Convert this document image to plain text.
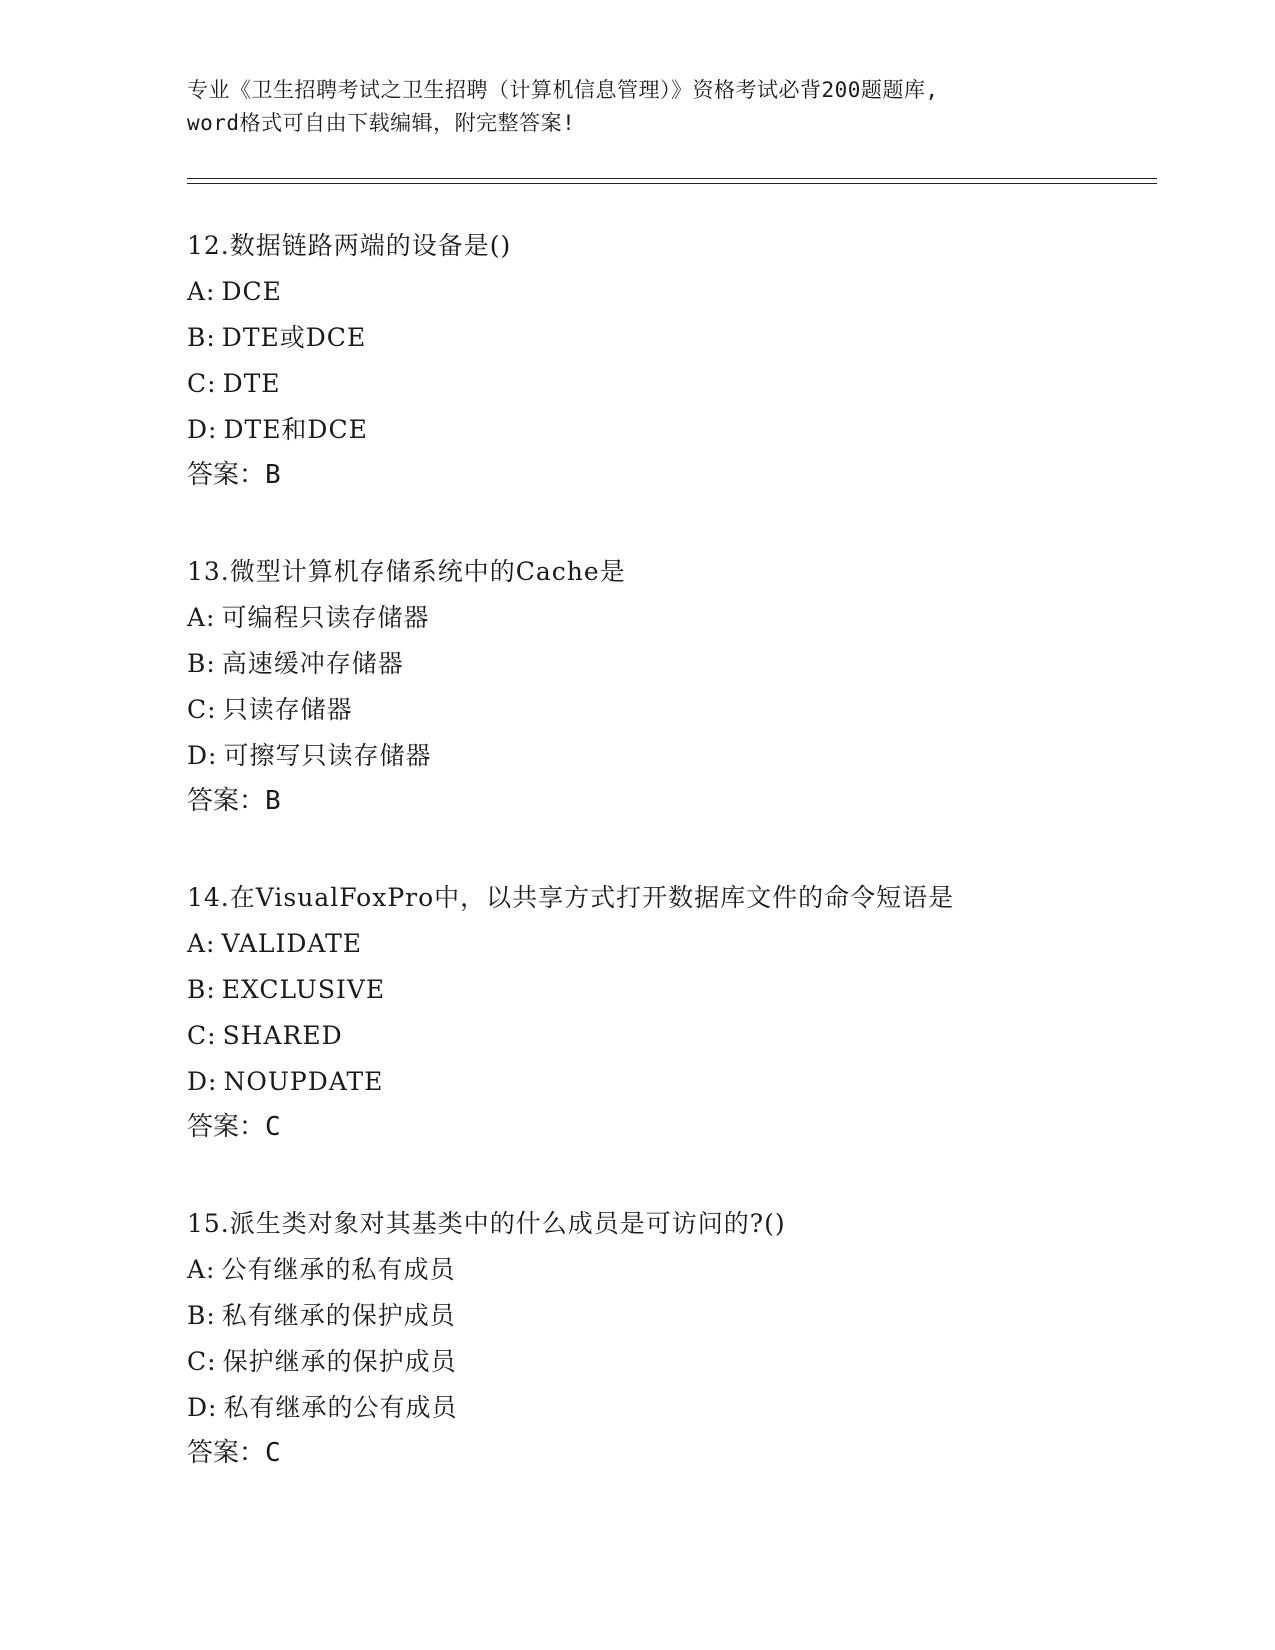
专业《卫生招聘考试之卫生招聘（计算机信息管理）》资格考试必背200题题库,
word格式可自由下载编辑，附完整答案!
12.数据链路两端的设备是()
A: DCE
B: DTE或DCE
C: DTE
D: DTE和DCE
答案：B
13.微型计算机存储系统中的Cache是
A: 可编程只读存储器
B: 高速缓冲存储器
C: 只读存储器
D: 可擦写只读存储器
答案：B
14.在VisualFoxPro中，以共享方式打开数据库文件的命令短语是
A: VALIDATE
B: EXCLUSIVE
C: SHARED
D: NOUPDATE
答案：C
15.派生类对象对其基类中的什么成员是可访问的?()
A: 公有继承的私有成员
B: 私有继承的保护成员
C: 保护继承的保护成员
D: 私有继承的公有成员
答案：C
